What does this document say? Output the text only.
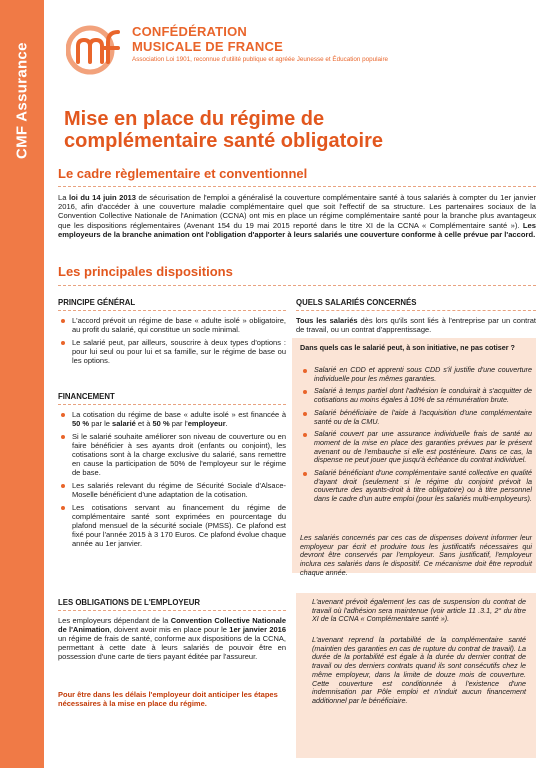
CMF Assurance
CONFÉDÉRATION
MUSICALE DE FRANCE
Association Loi 1901, reconnue d'utilité publique et agréée Jeunesse et Éducation populaire
Mise en place du régime de
complémentaire santé obligatoire
Le cadre règlementaire et conventionnel
La loi du 14 juin 2013 de sécurisation de l'emploi a généralisé la couverture complémentaire santé à tous salariés à compter du 1er janvier 2016, afin d'accéder à une couverture maladie complémentaire quel que soit l'effectif de sa structure. Les partenaires sociaux de la Convention Collective Nationale de l'Animation (CCNA) ont mis en place un régime complémentaire santé pour la branche plus avantageux que les dispositions réglementaires (Avenant 154 du 19 mai 2015 reporté dans le titre XI de la CCNA « Complémentaire santé »). Les employeurs de la branche animation ont l'obligation d'apporter à leurs salariés une couverture conforme à celle prévue par l'accord.
Les principales dispositions
PRINCIPE GÉNÉRAL
L'accord prévoit un régime de base « adulte isolé » obligatoire, au profit du salarié, qui constitue un socle minimal.
Le salarié peut, par ailleurs, souscrire à deux types d'options : pour lui seul ou pour lui et sa famille, sur le régime de base ou les options.
FINANCEMENT
La cotisation du régime de base « adulte isolé » est financée à 50 % par le salarié et à 50 % par l'employeur.
Si le salarié souhaite améliorer son niveau de couverture ou en faire bénéficier à ses ayants droit (enfants ou conjoint), les cotisations sont à la charge exclusive du salarié, sans remettre en cause la participation de 50% de l'employeur sur le régime de base.
Les salariés relevant du régime de Sécurité Sociale d'Alsace-Moselle bénéficient d'une adaptation de la cotisation.
Les cotisations servant au financement du régime de complémentaire santé sont exprimées en pourcentage du plafond mensuel de la sécurité sociale (PMSS). Ce plafond est fixé pour l'année 2015 à 3 170 Euros. Ce plafond évolue chaque année au 1er janvier.
LES OBLIGATIONS DE L'EMPLOYEUR
Les employeurs dépendant de la Convention Collective Nationale de l'Animation, doivent avoir mis en place pour le 1er janvier 2016 un régime de frais de santé, conforme aux dispositions de la CCNA, permettant à cette date à leurs salariés de pouvoir être en possession d'une carte de tiers payant éditée par l'assureur.
Pour être dans les délais l'employeur doit anticiper les étapes nécessaires à la mise en place du régime.
QUELS SALARIÉS CONCERNÉS
Tous les salariés dès lors qu'ils sont liés à l'entreprise par un contrat de travail, ou un contrat d'apprentissage.
Dans quels cas le salarié peut, à son initiative, ne pas cotiser ?
Salarié en CDD et apprenti sous CDD s'il justifie d'une couverture individuelle pour les mêmes garanties.
Salarié à temps partiel dont l'adhésion le conduirait à s'acquitter de cotisations au moins égales à 10% de sa rémunération brute.
Salarié bénéficiaire de l'aide à l'acquisition d'une complémentaire santé ou de la CMU.
Salarié couvert par une assurance individuelle frais de santé au moment de la mise en place des garanties prévues par le présent avenant ou de l'embauche si elle est postérieure. Dans ce cas, la dispense ne peut jouer que jusqu'à échéance du contrat individuel.
Salarié bénéficiant d'une complémentaire santé collective en qualité d'ayant droit (seulement si le régime du conjoint prévoit la couverture des ayants-droit à titre obligatoire) ou à titre personnel dans le cadre d'un autre emploi (pour les salariés multi-employeurs).
Les salariés concernés par ces cas de dispenses doivent informer leur employeur par écrit et produire tous les justificatifs nécessaires qui devront être conservés par l'employeur. Sans justificatif, l'employeur inclura ces salariés dans le dispositif. Ce mécanisme doit être reproduit chaque année.
L'avenant prévoit également les cas de suspension du contrat de travail où l'adhésion sera maintenue (voir article 11 .3.1, 2° du titre XI de la CCNA « Complémentaire santé »).
L'avenant reprend la portabilité de la complémentaire santé (maintien des garanties en cas de rupture du contrat de travail). La durée de la portabilité est égale à la durée du dernier contrat de travail ou des derniers contrats quand ils sont consécutifs chez le même employeur, dans la limite de douze mois de couverture. Cette couverture est conditionnée à l'existence d'une indemnisation par Pôle emploi et n'induit aucun financement additionnel par le bénéficiaire.
